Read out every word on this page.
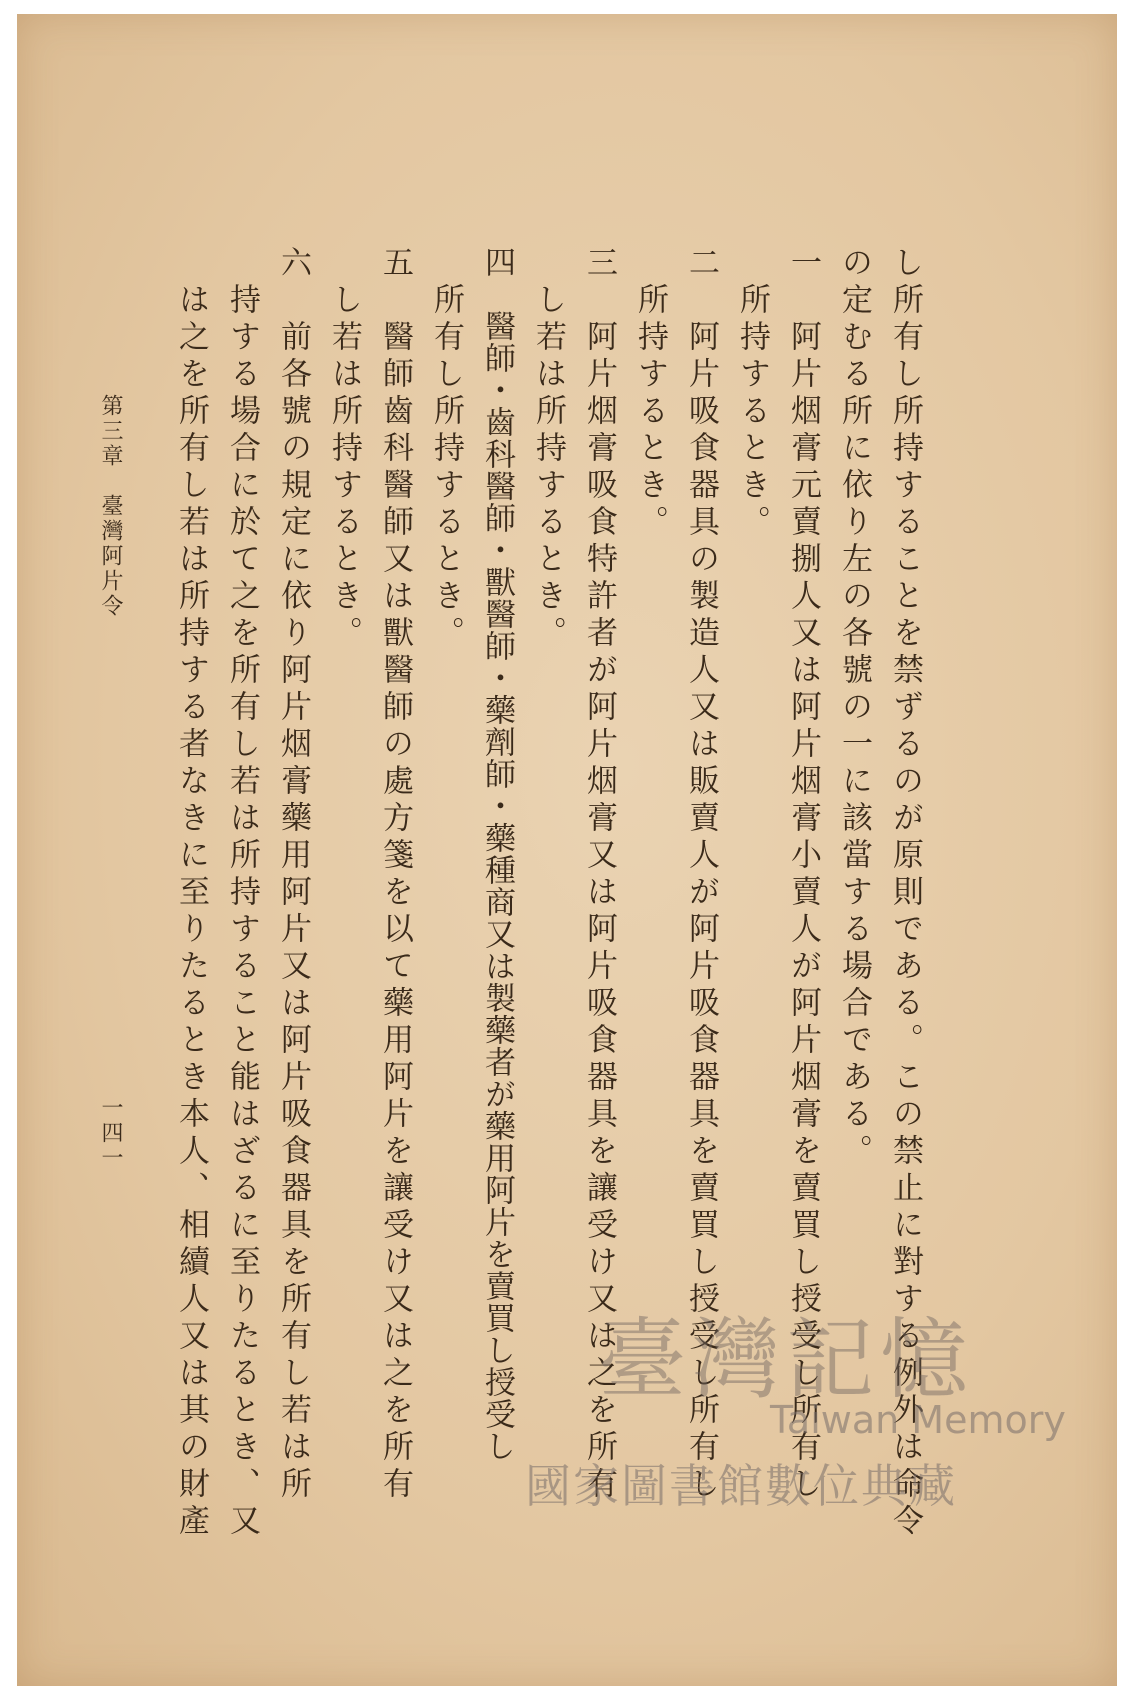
し所有し所持することを禁ずるのが原則である。この禁止に對する例外は命令
の定むる所に依り左の各號の一に該當する場合である。
一　阿片烟膏元賣捌人又は阿片烟膏小賣人が阿片烟膏を賣買し授受し所有し
　所持するとき。
二　阿片吸食器具の製造人又は販賣人が阿片吸食器具を賣買し授受し所有し
　所持するとき。
三　阿片烟膏吸食特許者が阿片烟膏又は阿片吸食器具を讓受け又は之を所有
　し若は所持するとき。
四　醫師・齒科醫師・獸醫師・藥劑師・藥種商又は製藥者が藥用阿片を賣買し授受し
　所有し所持するとき。
五　醫師齒科醫師又は獸醫師の處方箋を以て藥用阿片を讓受け又は之を所有
　し若は所持するとき。
六　前各號の規定に依り阿片烟膏藥用阿片又は阿片吸食器具を所有し若は所
　持する場合に於て之を所有し若は所持すること能はざるに至りたるとき、又
　は之を所有し若は所持する者なきに至りたるとき本人、相續人又は其の財產
第三章　臺灣阿片令
一四一
臺灣記憶
Taiwan Memory
國家圖書館數位典藏
